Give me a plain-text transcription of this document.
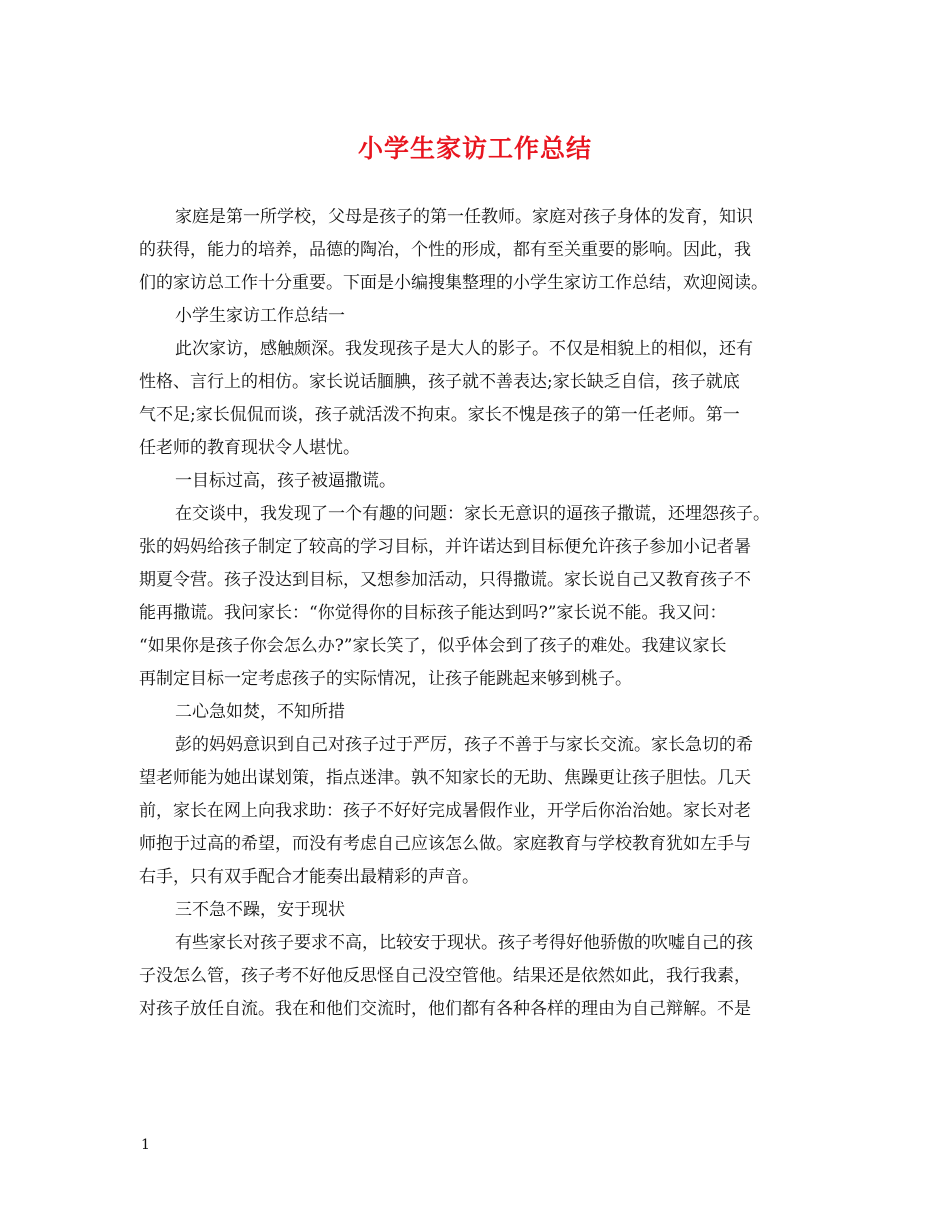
小学生家访工作总结
家庭是第一所学校，父母是孩子的第一任教师。家庭对孩子身体的发育，知识
的获得，能力的培养，品德的陶冶，个性的形成，都有至关重要的影响。因此，我
们的家访总工作十分重要。下面是小编搜集整理的小学生家访工作总结，欢迎阅读。
小学生家访工作总结一
此次家访，感触颇深。我发现孩子是大人的影子。不仅是相貌上的相似，还有
性格、言行上的相仿。家长说话腼腆，孩子就不善表达;家长缺乏自信，孩子就底
气不足;家长侃侃而谈，孩子就活泼不拘束。家长不愧是孩子的第一任老师。第一
任老师的教育现状令人堪忧。
一目标过高，孩子被逼撒谎。
在交谈中，我发现了一个有趣的问题：家长无意识的逼孩子撒谎，还埋怨孩子。
张的妈妈给孩子制定了较高的学习目标，并许诺达到目标便允许孩子参加小记者暑
期夏令营。孩子没达到目标，又想参加活动，只得撒谎。家长说自己又教育孩子不
能再撒谎。我问家长：“你觉得你的目标孩子能达到吗?”家长说不能。我又问：
“如果你是孩子你会怎么办?”家长笑了，似乎体会到了孩子的难处。我建议家长
再制定目标一定考虑孩子的实际情况，让孩子能跳起来够到桃子。
二心急如焚，不知所措
彭的妈妈意识到自己对孩子过于严厉，孩子不善于与家长交流。家长急切的希
望老师能为她出谋划策，指点迷津。孰不知家长的无助、焦躁更让孩子胆怯。几天
前，家长在网上向我求助：孩子不好好完成暑假作业，开学后你治治她。家长对老
师抱于过高的希望，而没有考虑自己应该怎么做。家庭教育与学校教育犹如左手与
右手，只有双手配合才能奏出最精彩的声音。
三不急不躁，安于现状
有些家长对孩子要求不高，比较安于现状。孩子考得好他骄傲的吹嘘自己的孩
子没怎么管，孩子考不好他反思怪自己没空管他。结果还是依然如此，我行我素，
对孩子放任自流。我在和他们交流时，他们都有各种各样的理由为自己辩解。不是
1
